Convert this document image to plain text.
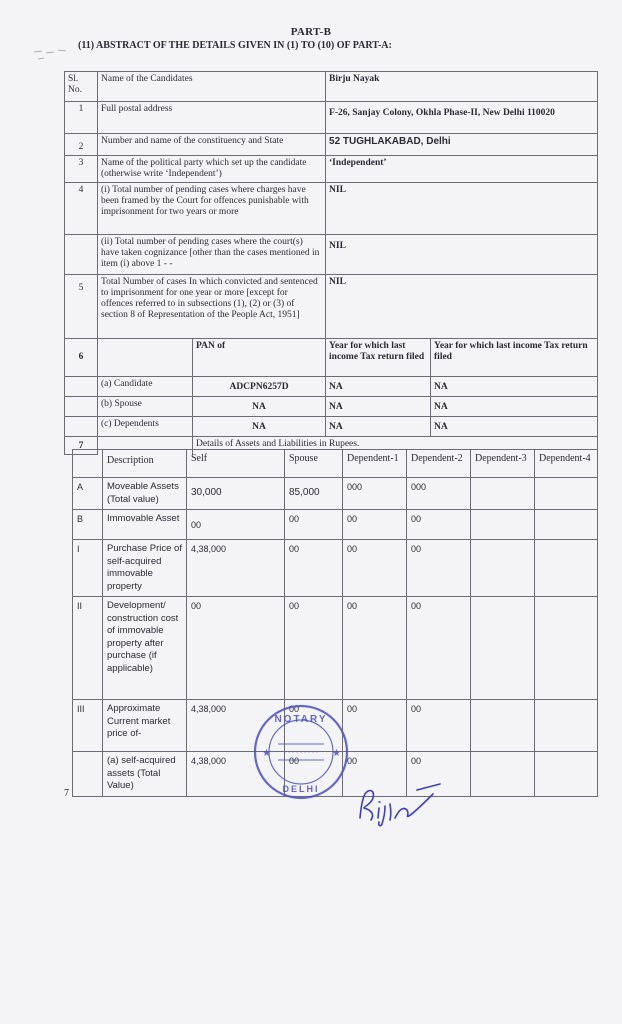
PART-B
(11) ABSTRACT OF THE DETAILS GIVEN IN (1) TO (10) OF PART-A:
Sl. No.	Name of the Candidates		Birju Nayak	
1	Full postal address		F-26, Sanjay Colony, Okhla Phase-II, New Delhi 110020	
2	Number and name of the constituency and State		52 TUGHLAKABAD, Delhi	
3	Name of the political party which set up the candidate (otherwise write ‘Independent’)		‘Independent’	
4	(i) Total number of pending cases where charges have been framed by the Court for offences punishable with imprisonment for two years or more		NIL	
	(ii) Total number of pending cases where the court(s) have taken cognizance [other than the cases mentioned in item (i) above 1 - -		NIL	
5	Total Number of cases In which convicted and sentenced to imprisonment for one year or more [except for offences referred to in subsections (1), (2) or (3) of section 8 of Representation of the People Act, 1951]		NIL	
6		PAN of	Year for which last income Tax return filed	Year for which last income Tax return filed
	(a) Candidate	ADCPN6257D	NA	NA
	(b) Spouse	NA	NA	NA
	(c) Dependents	NA	NA	NA
7		Details of Assets and Liabilities in Rupees.		
	Description	Self	Spouse	Dependent-1	Dependent-2	Dependent-3	Dependent-4
A	Moveable Assets (Total value)	30,000	85,000	000	000		
B	Immovable Asset	00	00	00	00		
I	Purchase Price of self-acquired immovable property	4,38,000	00	00	00		
II	Development/ construction cost of immovable property after purchase (if applicable)	00	00	00	00		
III	Approximate Current market price of-	4,38,000	00	00	00		
	(a) self-acquired assets (Total Value)	4,38,000	00	00	00		
7
NOTARY
DELHI
★	★
